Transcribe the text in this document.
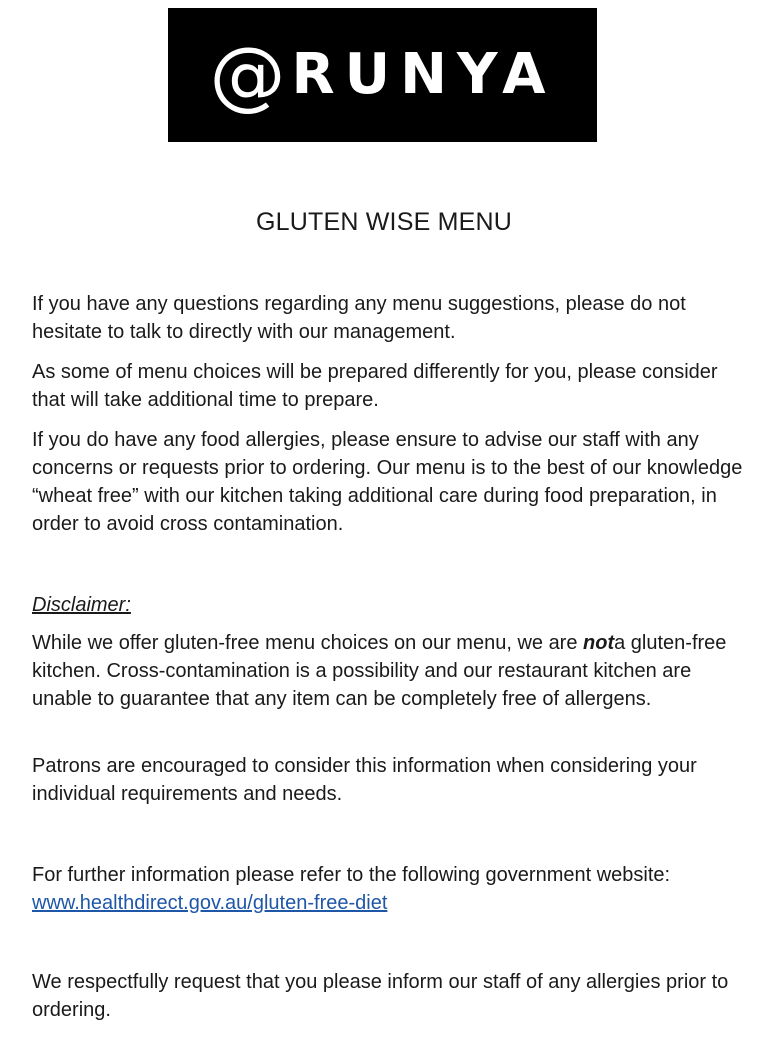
@ RUNYA
GLUTEN WISE MENU

If you have any questions regarding any menu suggestions, please do not hesitate to talk to directly with our management.

As some of menu choices will be prepared differently for you, please consider that will take additional time to prepare.

If you do have any food allergies, please ensure to advise our staff with any concerns or requests prior to ordering. Our menu is to the best of our knowledge “wheat free” with our kitchen taking additional care during food preparation, in order to avoid cross contamination.

Disclaimer:

While we offer gluten-free menu choices on our menu, we are nota gluten-free kitchen. Cross-contamination is a possibility and our restaurant kitchen are unable to guarantee that any item can be completely free of allergens.

Patrons are encouraged to consider this information when considering your individual requirements and needs.

For further information please refer to the following government website:
www.healthdirect.gov.au/gluten-free-diet

We respectfully request that you please inform our staff of any allergies prior to ordering.
